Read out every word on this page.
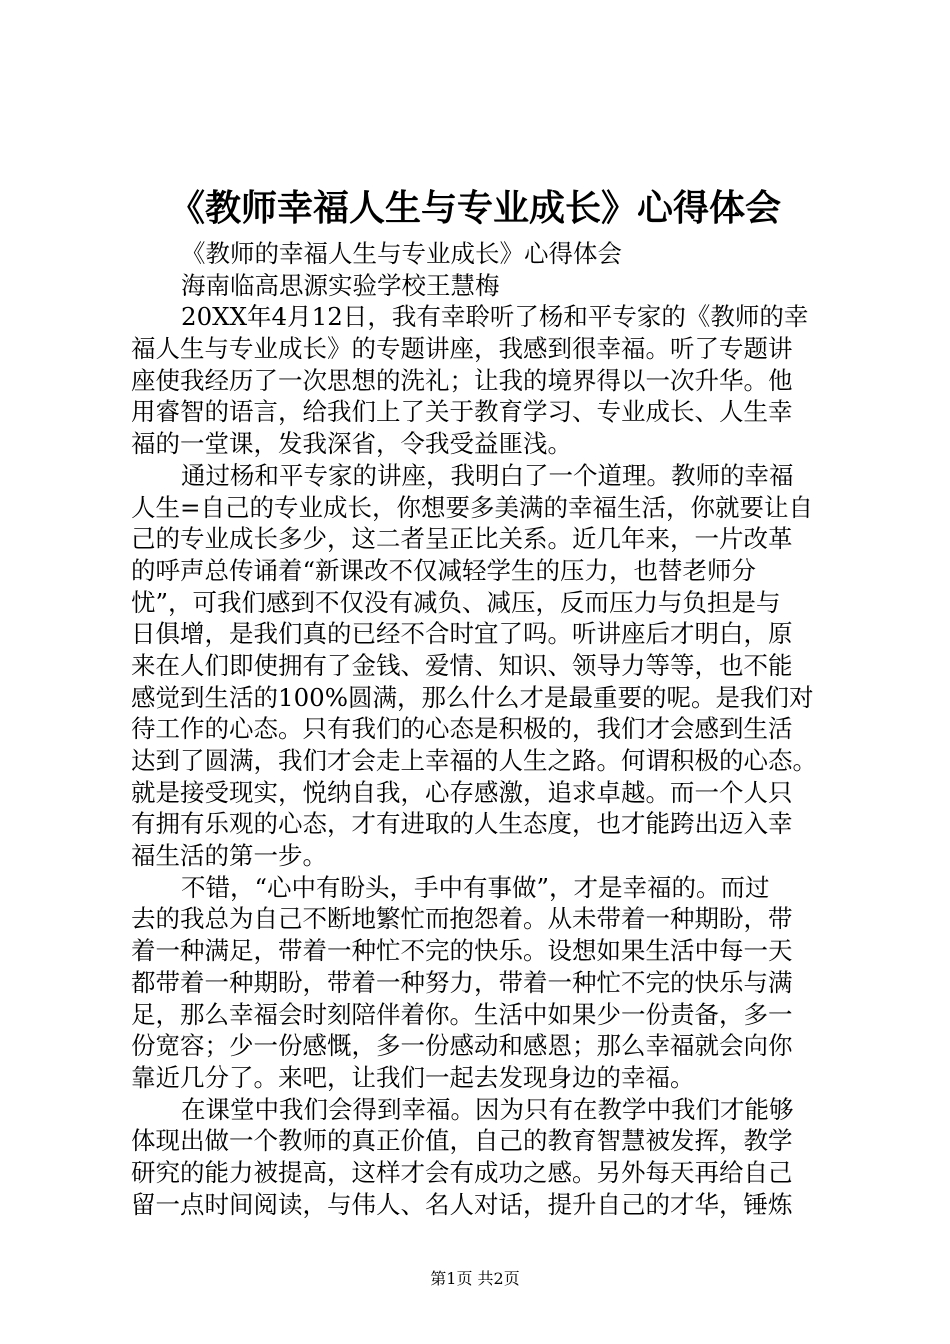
《教师幸福人生与专业成长》心得体会

《教师的幸福人生与专业成长》心得体会

海南临高思源实验学校王慧梅

20XX年4月12日，我有幸聆听了杨和平专家的《教师的幸

福人生与专业成长》的专题讲座，我感到很幸福。听了专题讲

座使我经历了一次思想的洗礼；让我的境界得以一次升华。他

用睿智的语言，给我们上了关于教育学习、专业成长、人生幸

福的一堂课，发我深省，令我受益匪浅。

通过杨和平专家的讲座，我明白了一个道理。教师的幸福

人生=自己的专业成长，你想要多美满的幸福生活，你就要让自

己的专业成长多少，这二者呈正比关系。近几年来，一片改革

的呼声总传诵着“新课改不仅减轻学生的压力，也替老师分

忧”，可我们感到不仅没有减负、减压，反而压力与负担是与

日俱增，是我们真的已经不合时宜了吗。听讲座后才明白，原

来在人们即使拥有了金钱、爱情、知识、领导力等等，也不能

感觉到生活的100%圆满，那么什么才是最重要的呢。是我们对

待工作的心态。只有我们的心态是积极的，我们才会感到生活

达到了圆满，我们才会走上幸福的人生之路。何谓积极的心态。

就是接受现实，悦纳自我，心存感激，追求卓越。而一个人只

有拥有乐观的心态，才有进取的人生态度，也才能跨出迈入幸

福生活的第一步。

不错，“心中有盼头，手中有事做”，才是幸福的。而过

去的我总为自己不断地繁忙而抱怨着。从未带着一种期盼，带

着一种满足，带着一种忙不完的快乐。设想如果生活中每一天

都带着一种期盼，带着一种努力，带着一种忙不完的快乐与满

足，那么幸福会时刻陪伴着你。生活中如果少一份责备，多一

份宽容；少一份感慨，多一份感动和感恩；那么幸福就会向你

靠近几分了。来吧，让我们一起去发现身边的幸福。

在课堂中我们会得到幸福。因为只有在教学中我们才能够

体现出做一个教师的真正价值，自己的教育智慧被发挥，教学

研究的能力被提高，这样才会有成功之感。另外每天再给自己

留一点时间阅读，与伟人、名人对话，提升自己的才华，锤炼

第1页 共2页
